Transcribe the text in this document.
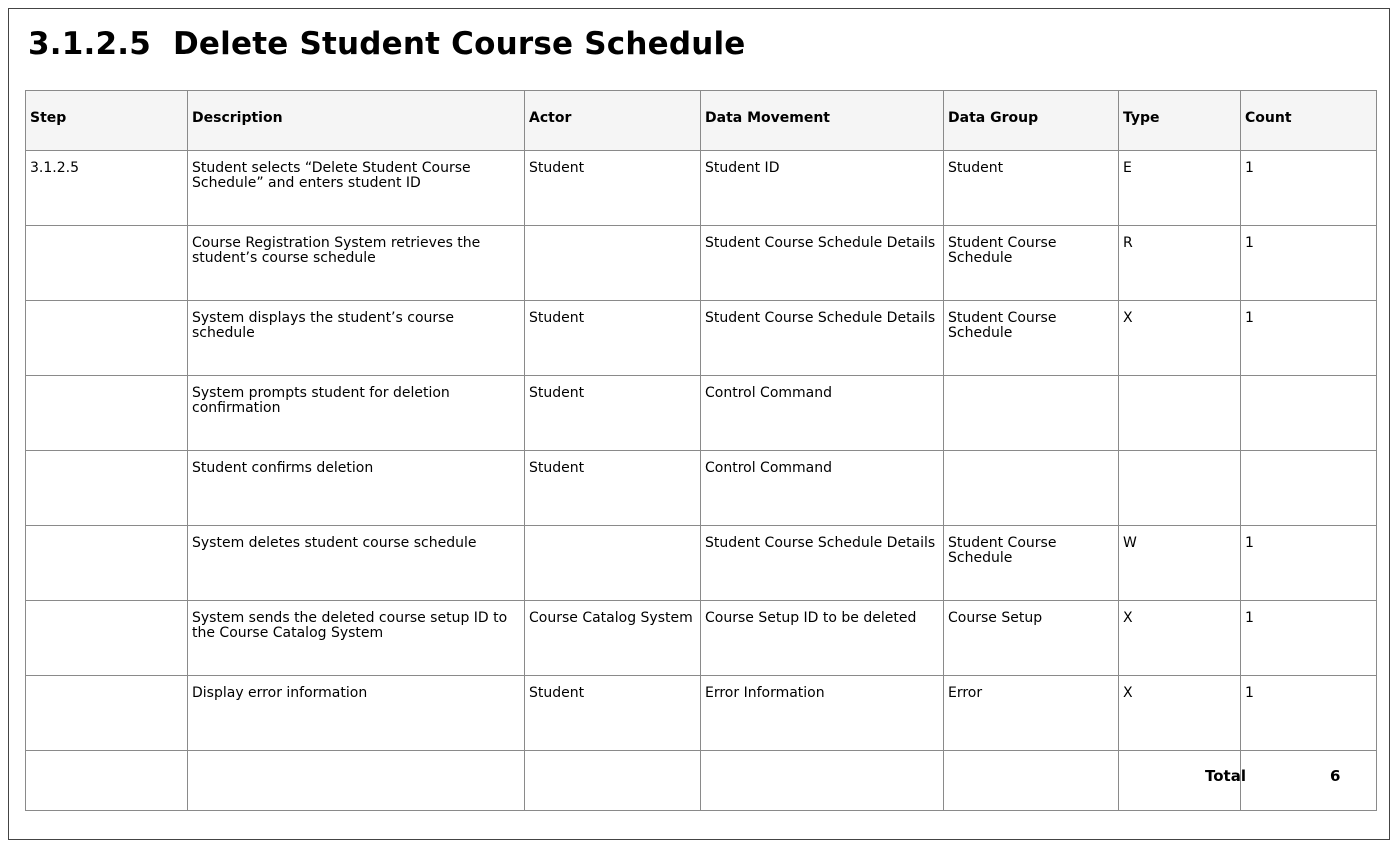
3.1.2.5  Delete Student Course Schedule
Step	Description	Actor	Data Movement	Data Group	Type	Count
3.1.2.5	Student selects “Delete Student Course Schedule” and enters student ID	Student	Student ID	Student	E	1
	Course Registration System retrieves the student’s course schedule		Student Course Schedule Details	Student Course Schedule	R	1
	System displays the student’s course schedule	Student	Student Course Schedule Details	Student Course Schedule	X	1
	System prompts student for deletion confirmation	Student	Control Command			
	Student confirms deletion	Student	Control Command			
	System deletes student course schedule		Student Course Schedule Details	Student Course Schedule	W	1
	System sends the deleted course setup ID to the Course Catalog System	Course Catalog System	Course Setup ID to be deleted	Course Setup	X	1
	Display error information	Student	Error Information	Error	X	1

					Total	6
